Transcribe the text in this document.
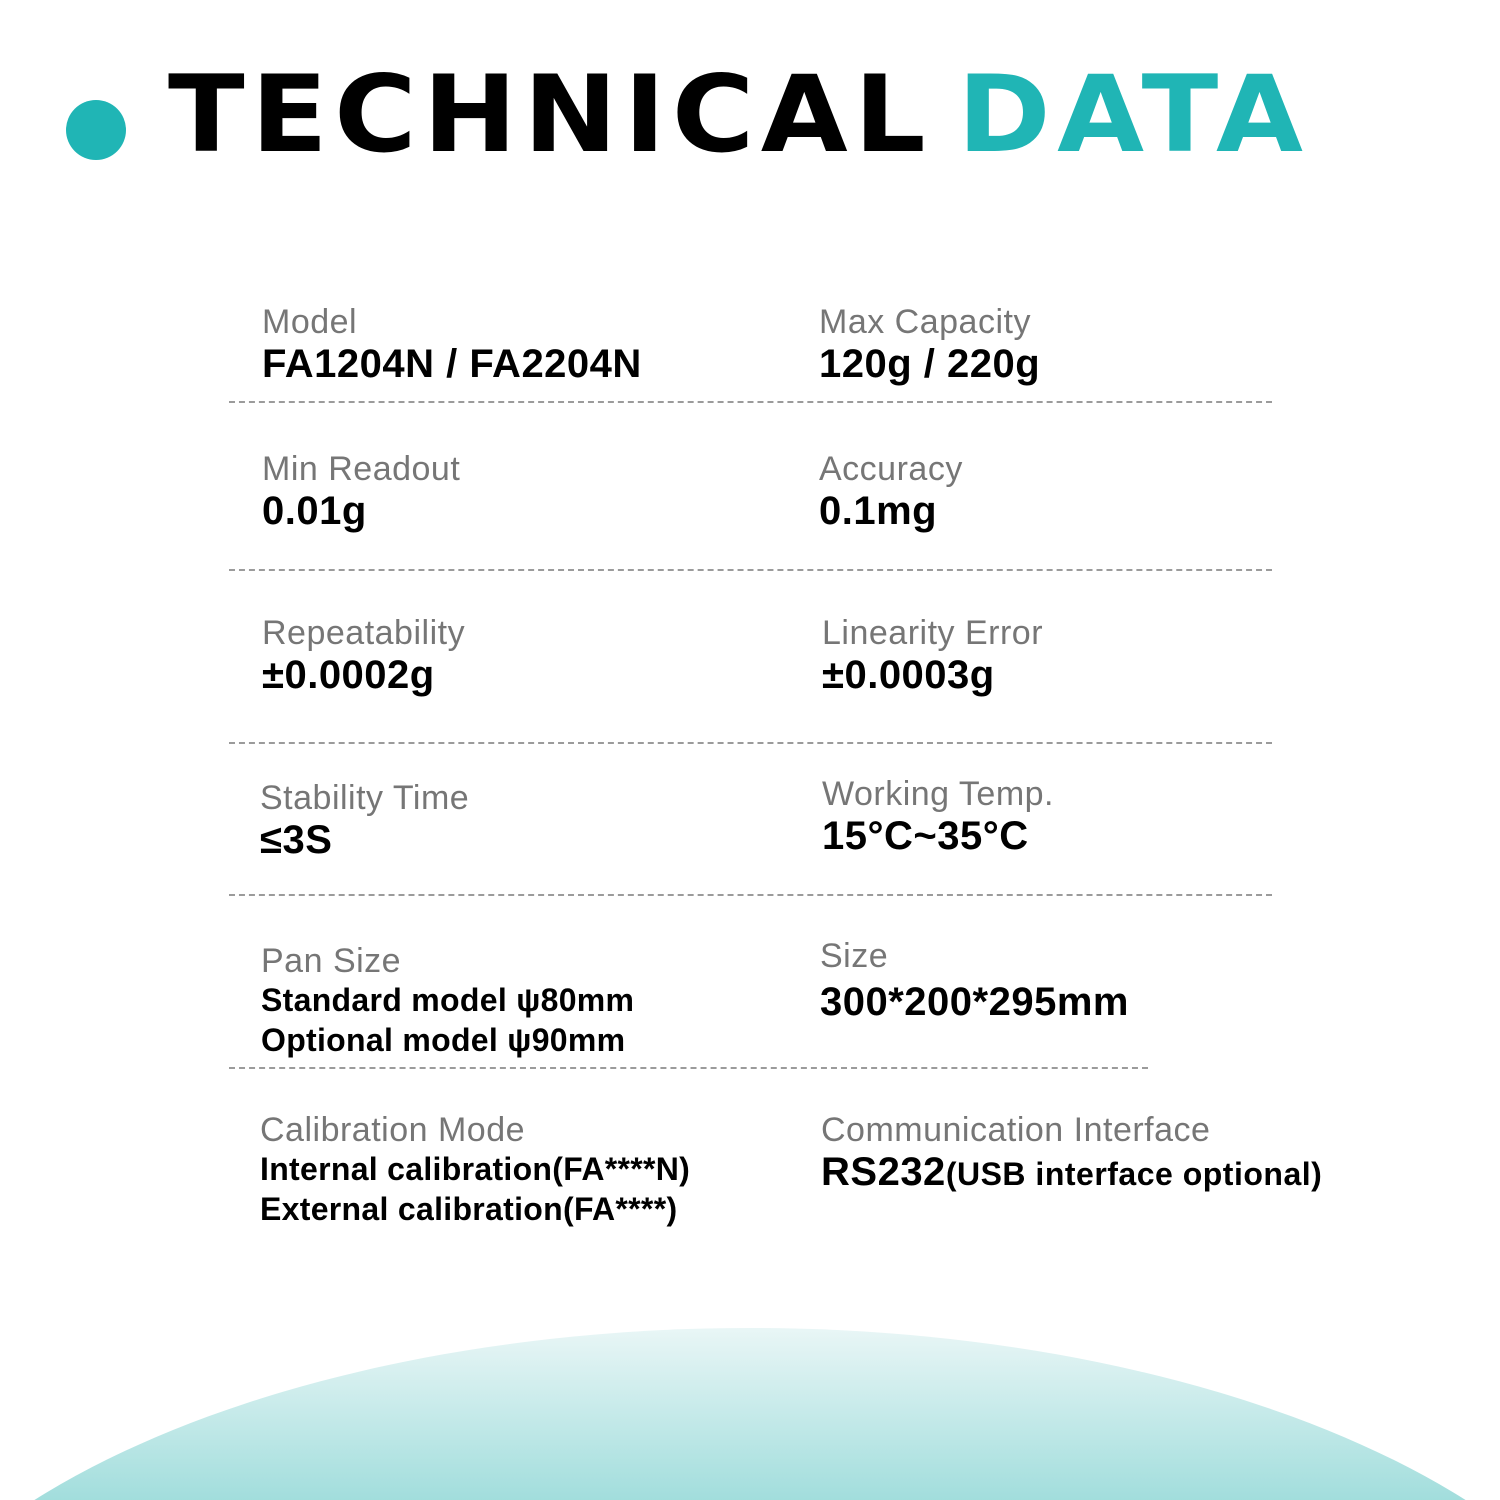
TECHNICAL DATA
Model
FA1204N / FA2204N
Max Capacity
120g / 220g
Min Readout
0.01g
Accuracy
0.1mg
Repeatability
±0.0002g
Linearity Error
±0.0003g
Stability Time
≤3S
Working Temp.
15°C~35°C
Pan Size
Standard model ψ80mm
Optional model ψ90mm
Size
300*200*295mm
Calibration Mode
Internal calibration(FA****N)
External calibration(FA****)
Communication Interface
RS232(USB interface optional)
